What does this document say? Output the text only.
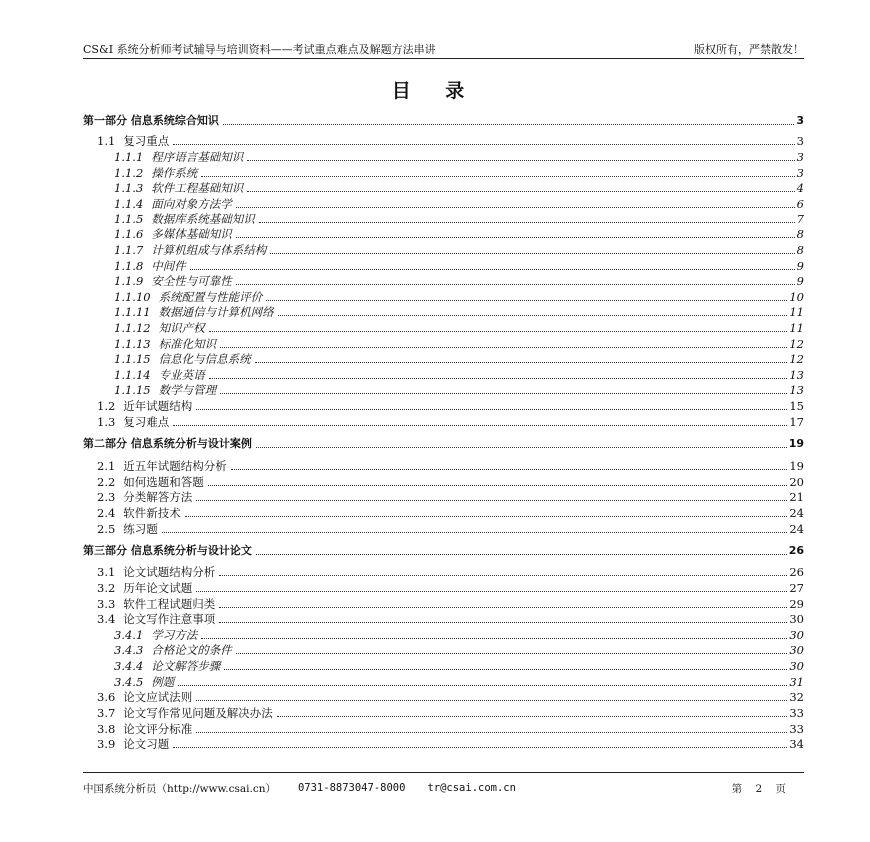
CS&I 系统分析师考试辅导与培训资料——考试重点难点及解题方法串讲	版权所有，严禁散发！
目 录
第一部分 信息系统综合知识	3
1.1 复习重点	3
1.1.1 程序语言基础知识	3
1.1.2 操作系统	3
1.1.3 软件工程基础知识	4
1.1.4 面向对象方法学	6
1.1.5 数据库系统基础知识	7
1.1.6 多媒体基础知识	8
1.1.7 计算机组成与体系结构	8
1.1.8 中间件	9
1.1.9 安全性与可靠性	9
1.1.10 系统配置与性能评价	10
1.1.11 数据通信与计算机网络	11
1.1.12 知识产权	11
1.1.13 标准化知识	12
1.1.15 信息化与信息系统	12
1.1.14 专业英语	13
1.1.15 数学与管理	13
1.2 近年试题结构	15
1.3 复习难点	17
第二部分 信息系统分析与设计案例	19
2.1 近五年试题结构分析	19
2.2 如何选题和答题	20
2.3 分类解答方法	21
2.4 软件新技术	24
2.5 练习题	24
第三部分 信息系统分析与设计论文	26
3.1 论文试题结构分析	26
3.2 历年论文试题	27
3.3 软件工程试题归类	29
3.4 论文写作注意事项	30
3.4.1 学习方法	30
3.4.3 合格论文的条件	30
3.4.4 论文解答步骤	30
3.4.5 例题	31
3.6 论文应试法则	32
3.7 论文写作常见问题及解决办法	33
3.8 论文评分标准	33
3.9 论文习题	34
中国系统分析员（http://www.csai.cn） 0731-8873047-8000 tr@csai.com.cn	第 2 页
